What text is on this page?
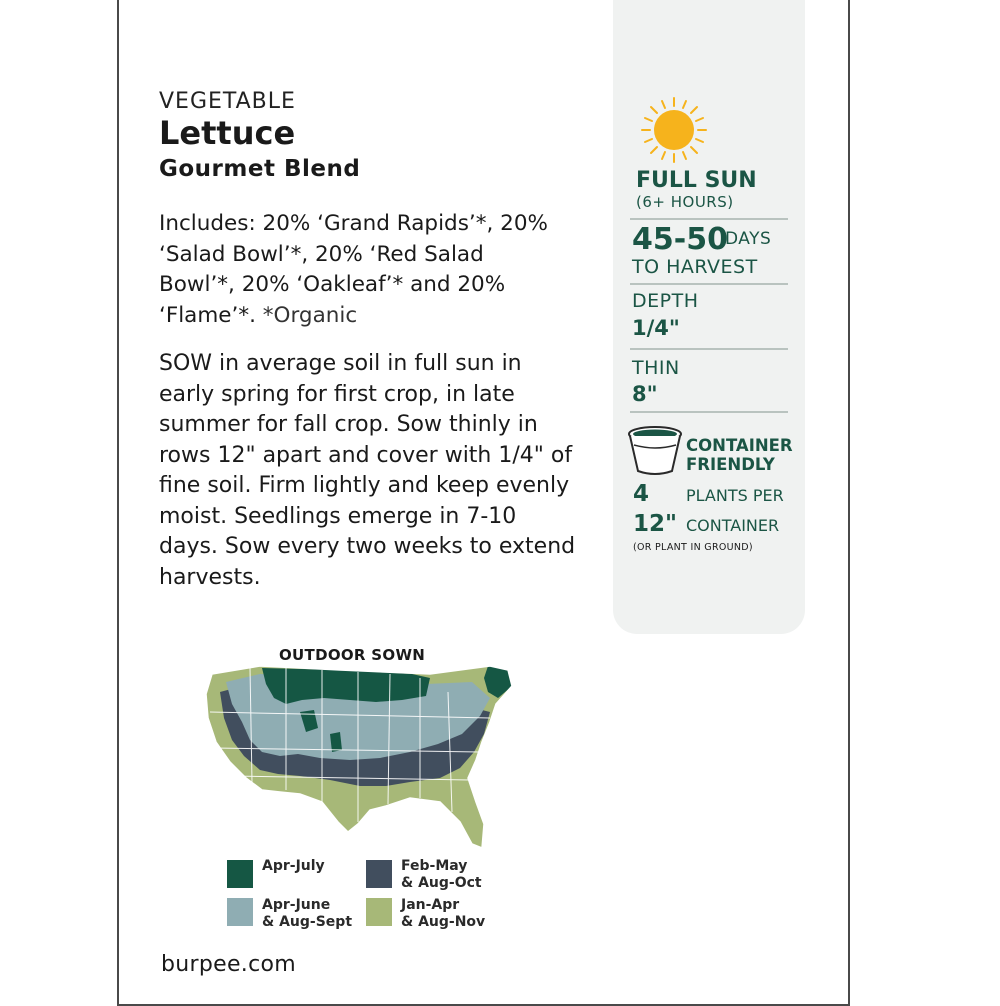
VEGETABLE

Lettuce

Gourmet Blend

Includes: 20% ‘Grand Rapids’*, 20% ‘Salad Bowl’*, 20% ‘Red Salad Bowl’*, 20% ‘Oakleaf’* and 20% ‘Flame’*. *Organic

SOW in average soil in full sun in early spring for first crop, in late summer for fall crop. Sow thinly in rows 12" apart and cover with 1/4" of fine soil. Firm lightly and keep evenly moist. Seedlings emerge in 7-10 days. Sow every two weeks to extend harvests.

FULL SUN

(6+ HOURS)

45-50

DAYS

TO HARVEST

DEPTH

1/4"

THIN

8"

CONTAINER
FRIENDLY

4 PLANTS PER

12" CONTAINER

(OR PLANT IN GROUND)

OUTDOOR SOWN

Apr-July	Feb-May
& Aug-Oct

Apr-June
& Aug-Sept

Jan-Apr
& Aug-Nov

burpee.com
